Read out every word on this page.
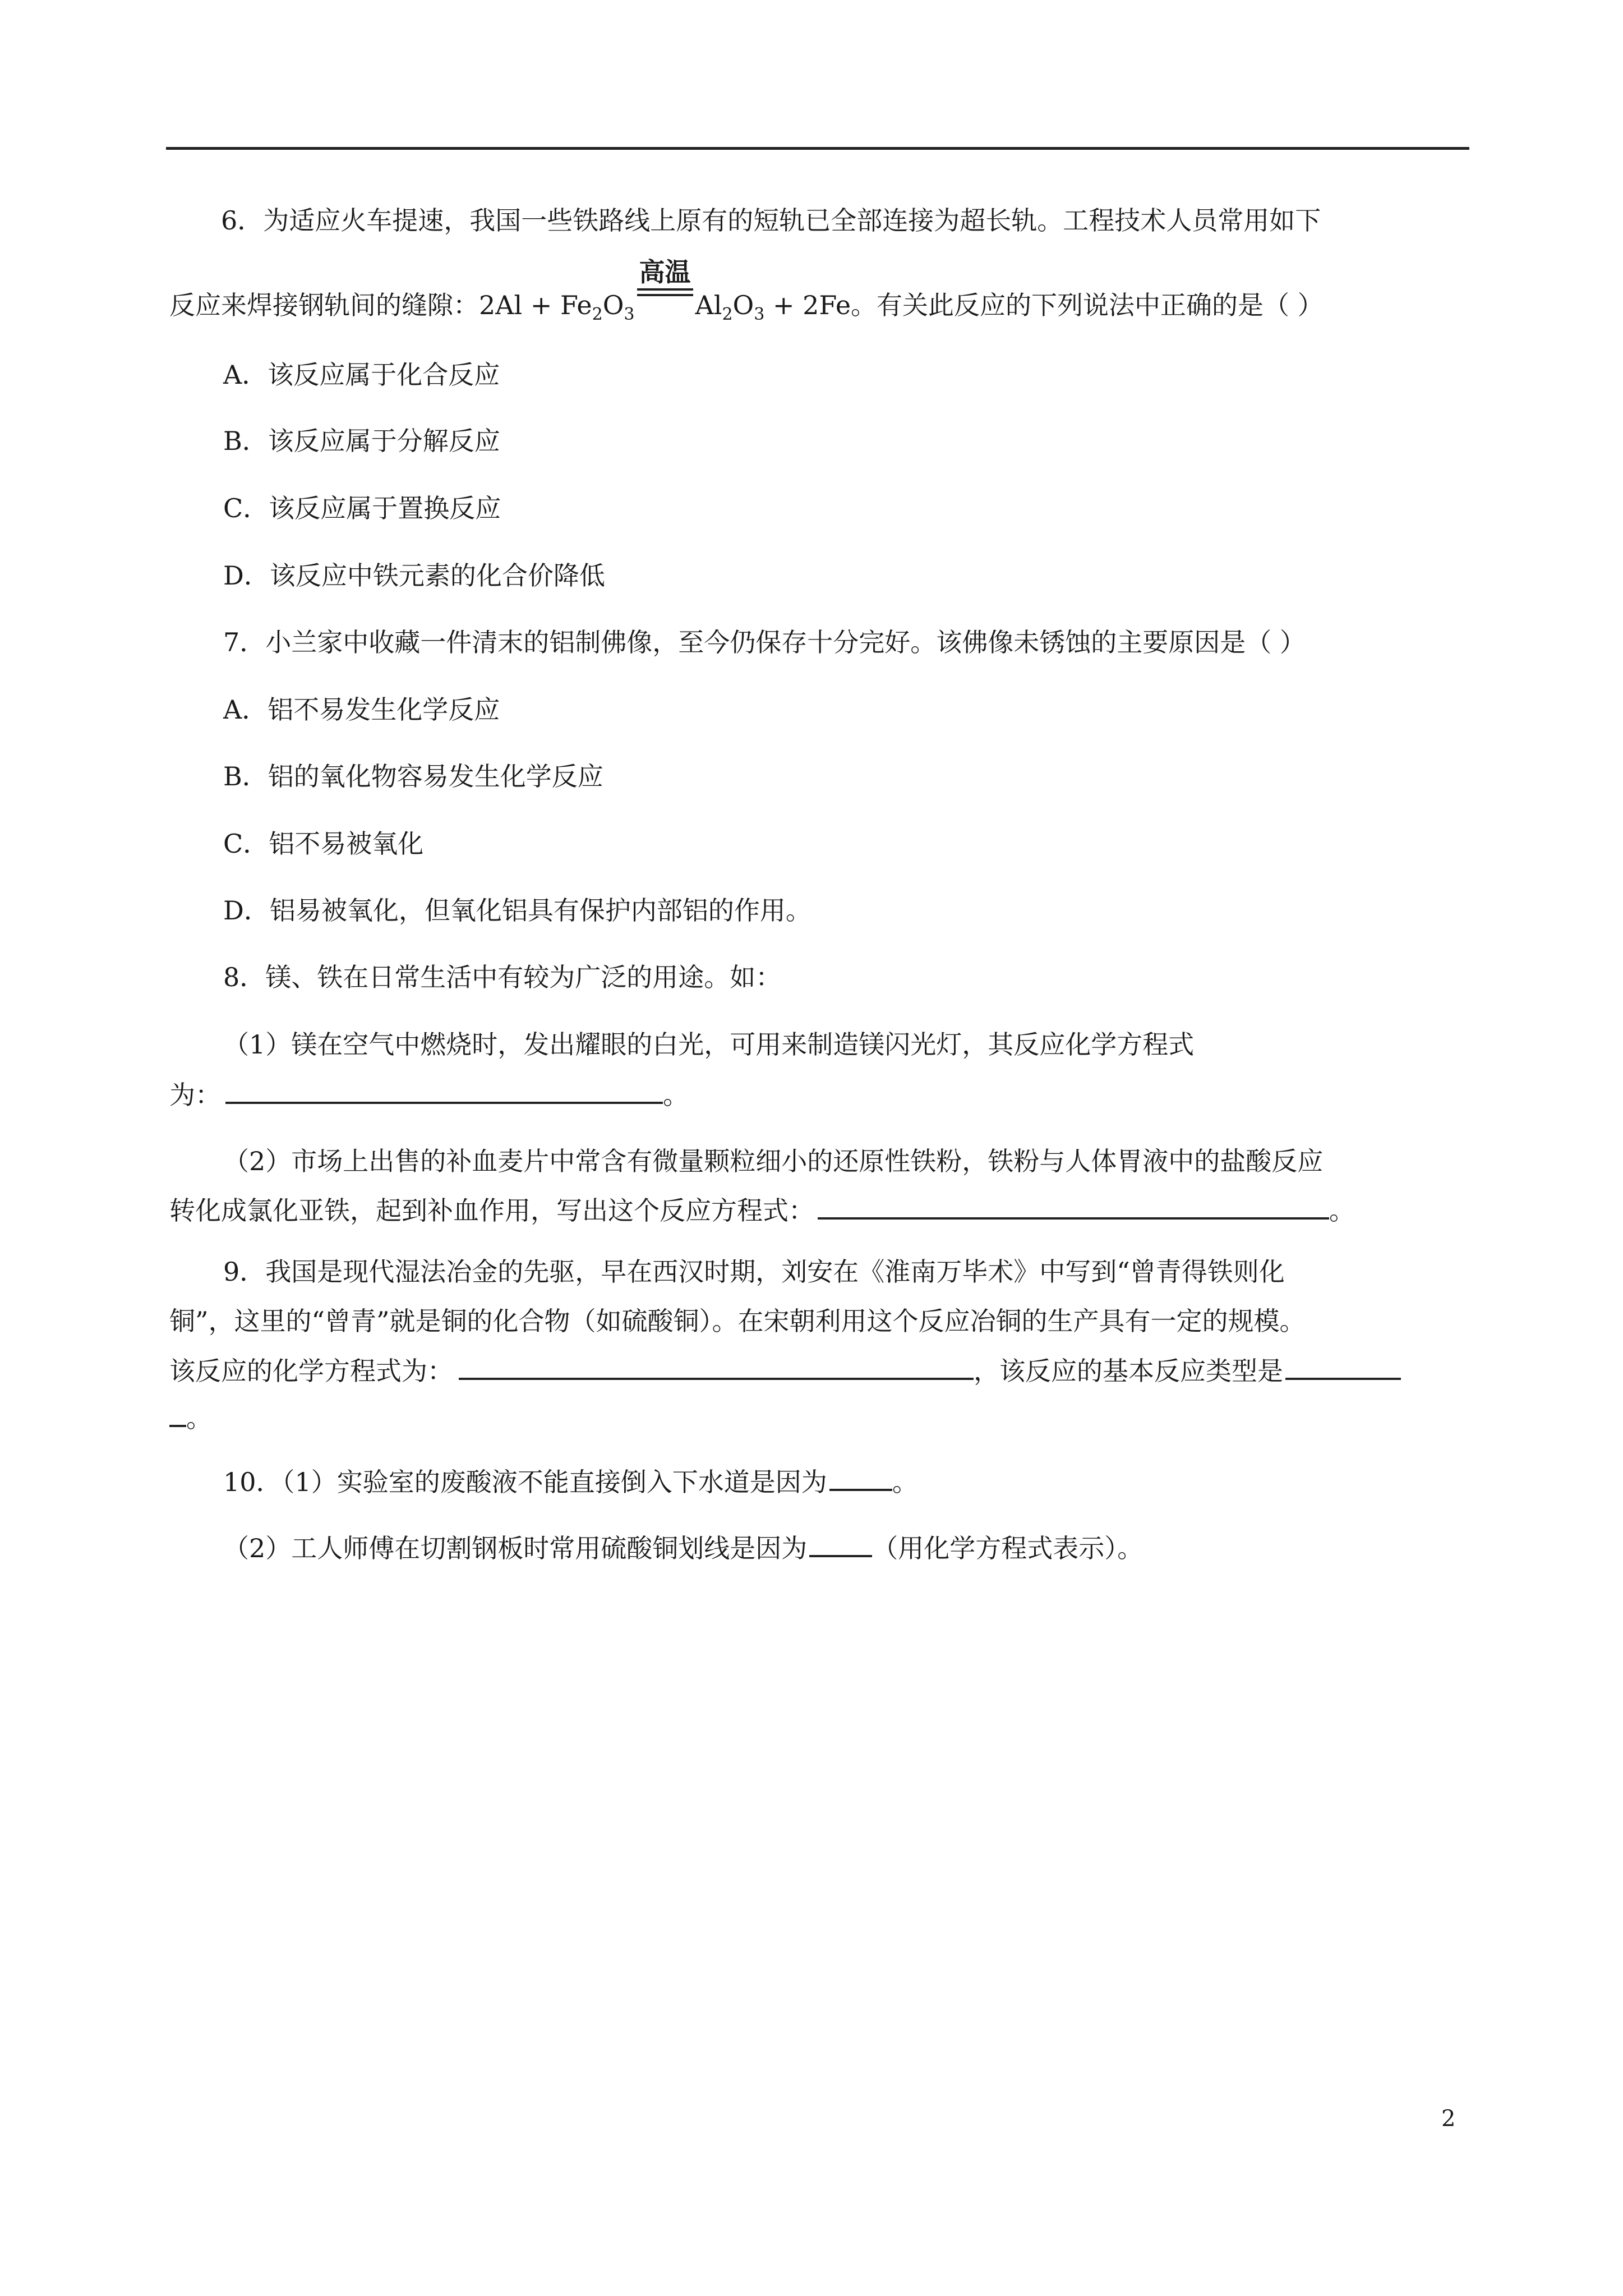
6．为适应火车提速，我国一些铁路线上原有的短轨已全部连接为超长轨。工程技术人员常用如下
反应来焊接钢轨间的缝隙：$2Al + Fe_2O_3$
高温
$Al_2O_3 + 2Fe$。有关此反应的下列说法中正确的是（ ）
A．该反应属于化合反应
B．该反应属于分解反应
C．该反应属于置换反应
D．该反应中铁元素的化合价降低
7．小兰家中收藏一件清末的铝制佛像，至今仍保存十分完好。该佛像未锈蚀的主要原因是（ ）
A．铝不易发生化学反应
B．铝的氧化物容易发生化学反应
C．铝不易被氧化
D．铝易被氧化，但氧化铝具有保护内部铝的作用。
8．镁、铁在日常生活中有较为广泛的用途。如：
（1）镁在空气中燃烧时，发出耀眼的白光，可用来制造镁闪光灯，其反应化学方程式
为：	。
（2）市场上出售的补血麦片中常含有微量颗粒细小的还原性铁粉，铁粉与人体胃液中的盐酸反应
转化成氯化亚铁，起到补血作用，写出这个反应方程式：	。
9．我国是现代湿法冶金的先驱，早在西汉时期，刘安在《淮南万毕术》中写到“曾青得铁则化
铜”，这里的“曾青”就是铜的化合物（如硫酸铜）。在宋朝利用这个反应冶铜的生产具有一定的规模。
该反应的化学方程式为：	，该反应的基本反应类型是
。
10．（1）实验室的废酸液不能直接倒入下水道是因为	。
（2）工人师傅在切割钢板时常用硫酸铜划线是因为	（用化学方程式表示）。
2
